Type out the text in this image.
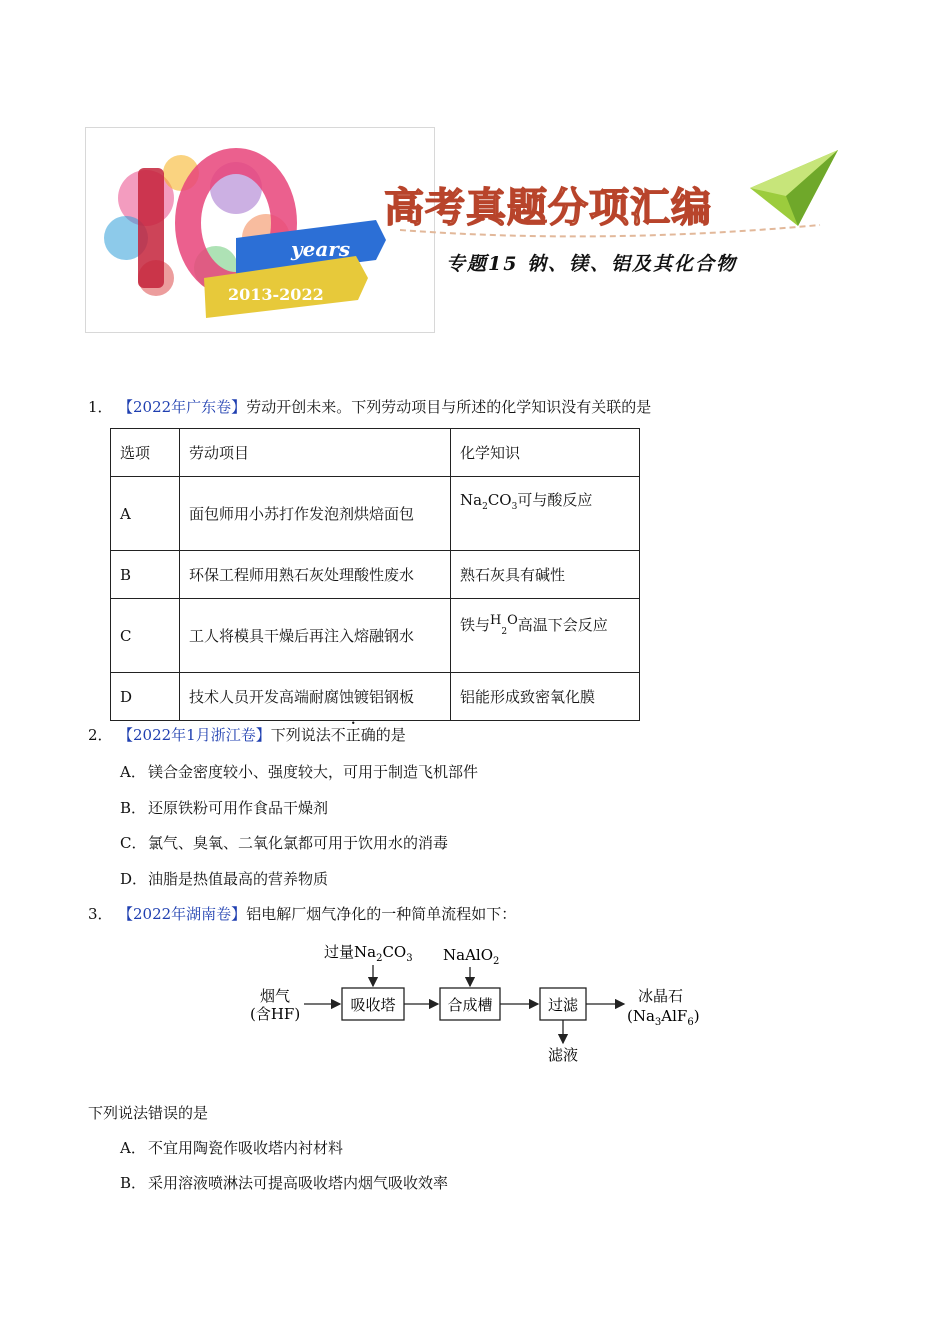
years
2013-2022
高考真题分项汇编
专题15 钠、镁、铝及其化合物
1． 【2022年广东卷】劳动开创未来。下列劳动项目与所述的化学知识没有关联的是
选项	劳动项目	化学知识
A	面包师用小苏打作发泡剂烘焙面包	$Na_2CO_3$可与酸反应
B	环保工程师用熟石灰处理酸性废水	熟石灰具有碱性
C	工人将模具干燥后再注入熔融钢水	铁与$^H_2^O$高温下会反应
D	技术人员开发高端耐腐蚀镀铝钢板	铝能形成致密氧化膜
2． 【2022年1月浙江卷】下列说法不正确的是
A． 镁合金密度较小、强度较大，可用于制造飞机部件
B． 还原铁粉可用作食品干燥剂
C． 氯气、臭氧、二氧化氯都可用于饮用水的消毒
D．油脂是热值最高的营养物质
3． 【2022年湖南卷】铝电解厂烟气净化的一种简单流程如下：
烟气
(含HF)	吸收塔
过量$Na_2CO_3$
合成槽
NaAlO$_2$
过滤	冰晶石
$(Na_3AlF_6)$
滤液
下列说法错误的是
A． 不宜用陶瓷作吸收塔内衬材料
B． 采用溶液喷淋法可提高吸收塔内烟气吸收效率
